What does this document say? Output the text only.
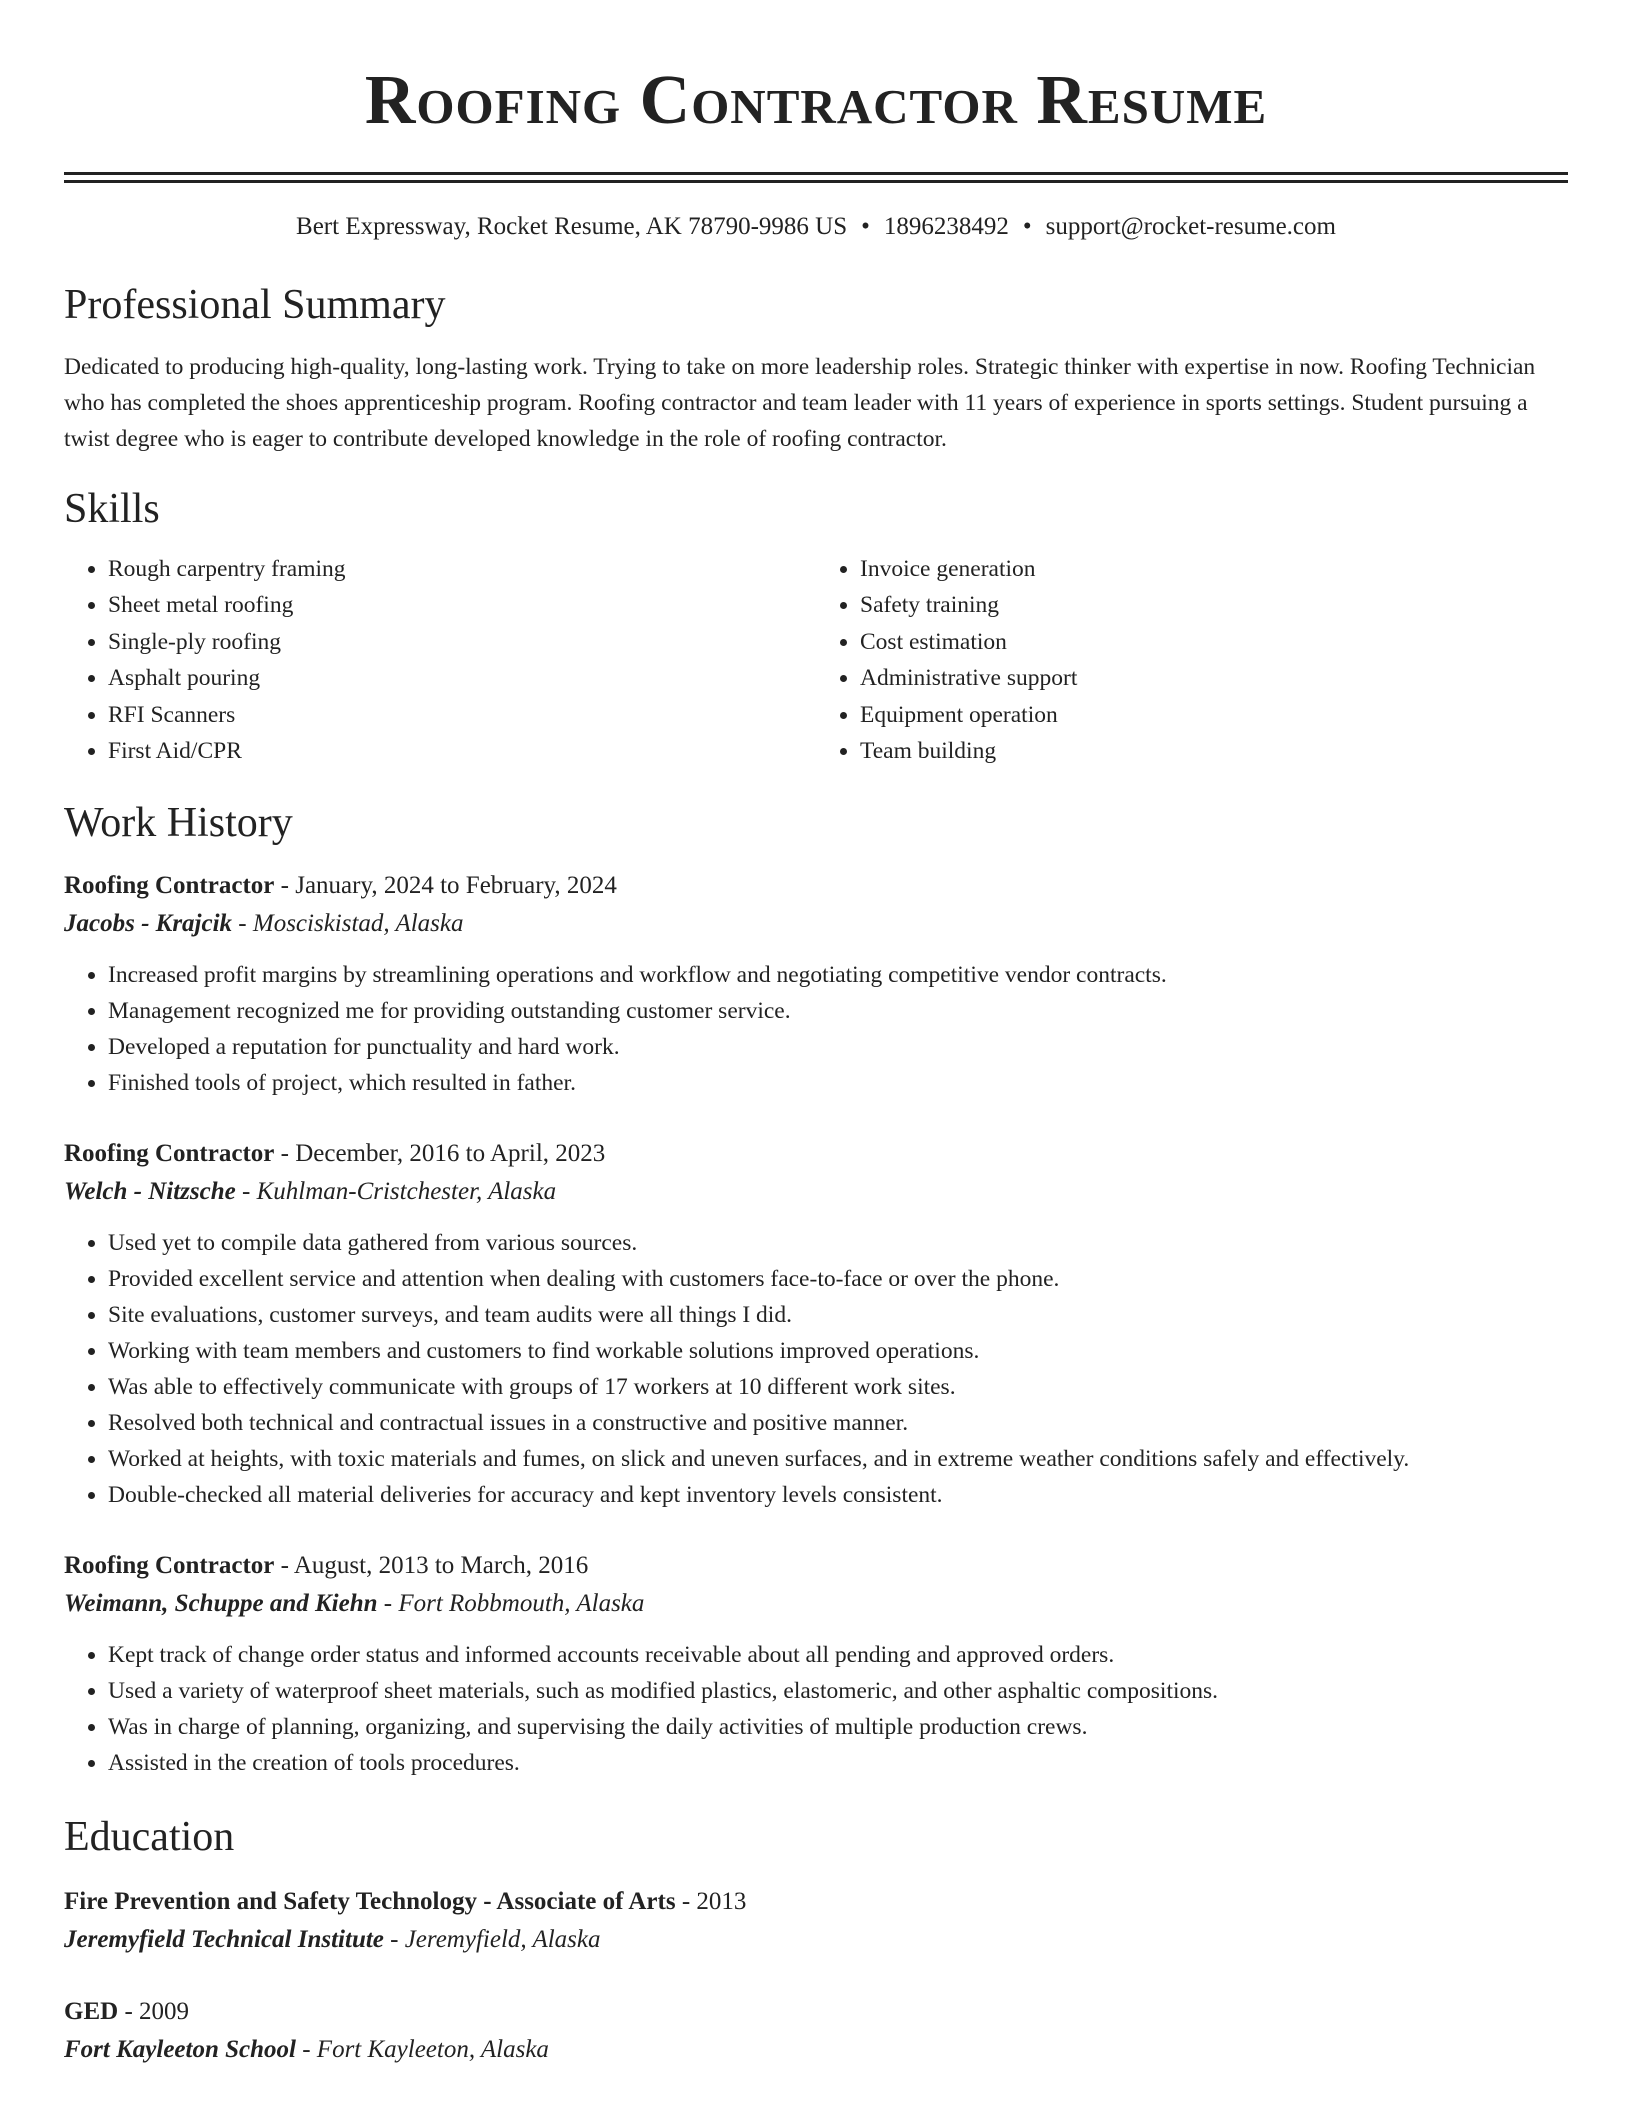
Roofing Contractor Resume
Bert Expressway, Rocket Resume, AK 78790-9986 US • 1896238492 • support@rocket-resume.com
Professional Summary
Dedicated to producing high-quality, long-lasting work. Trying to take on more leadership roles. Strategic thinker with expertise in now. Roofing Technician who has completed the shoes apprenticeship program. Roofing contractor and team leader with 11 years of experience in sports settings. Student pursuing a twist degree who is eager to contribute developed knowledge in the role of roofing contractor.
Skills
• Rough carpentry framing
• Sheet metal roofing
• Single-ply roofing
• Asphalt pouring
• RFI Scanners
• First Aid/CPR
• Invoice generation
• Safety training
• Cost estimation
• Administrative support
• Equipment operation
• Team building
Work History
Roofing Contractor - January, 2024 to February, 2024
Jacobs - Krajcik - Mosciskistad, Alaska
• Increased profit margins by streamlining operations and workflow and negotiating competitive vendor contracts.
• Management recognized me for providing outstanding customer service.
• Developed a reputation for punctuality and hard work.
• Finished tools of project, which resulted in father.
Roofing Contractor - December, 2016 to April, 2023
Welch - Nitzsche - Kuhlman-Cristchester, Alaska
• Used yet to compile data gathered from various sources.
• Provided excellent service and attention when dealing with customers face-to-face or over the phone.
• Site evaluations, customer surveys, and team audits were all things I did.
• Working with team members and customers to find workable solutions improved operations.
• Was able to effectively communicate with groups of 17 workers at 10 different work sites.
• Resolved both technical and contractual issues in a constructive and positive manner.
• Worked at heights, with toxic materials and fumes, on slick and uneven surfaces, and in extreme weather conditions safely and effectively.
• Double-checked all material deliveries for accuracy and kept inventory levels consistent.
Roofing Contractor - August, 2013 to March, 2016
Weimann, Schuppe and Kiehn - Fort Robbmouth, Alaska
• Kept track of change order status and informed accounts receivable about all pending and approved orders.
• Used a variety of waterproof sheet materials, such as modified plastics, elastomeric, and other asphaltic compositions.
• Was in charge of planning, organizing, and supervising the daily activities of multiple production crews.
• Assisted in the creation of tools procedures.
Education
Fire Prevention and Safety Technology - Associate of Arts - 2013
Jeremyfield Technical Institute - Jeremyfield, Alaska
GED - 2009
Fort Kayleeton School - Fort Kayleeton, Alaska
